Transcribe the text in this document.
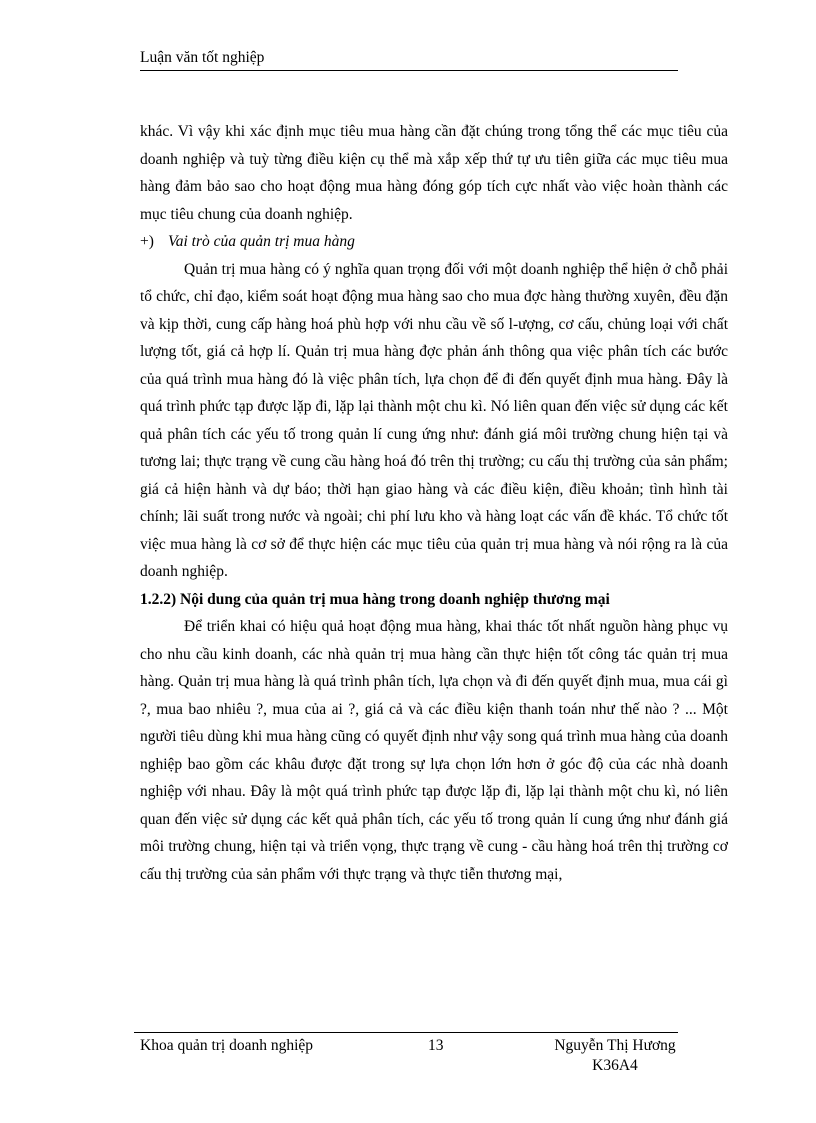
Luận văn tốt nghiệp

khác. Vì vậy khi xác định mục tiêu mua hàng cần đặt chúng trong tổng thể các mục tiêu của doanh nghiệp và tuỳ từng điều kiện cụ thể mà xắp xếp thứ tự ưu tiên giữa các mục tiêu mua hàng đảm bảo sao cho hoạt động mua hàng đóng góp tích cực nhất vào việc hoàn thành các mục tiêu chung của doanh nghiệp.

+) Vai trò của quản trị mua hàng

Quản trị mua hàng có ý nghĩa quan trọng đối với một doanh nghiệp thể hiện ở chỗ phải tổ chức, chỉ đạo, kiểm soát hoạt động mua hàng sao cho mua đợc hàng thường xuyên, đều đặn và kịp thời, cung cấp hàng hoá phù hợp với nhu cầu về số l-ượng, cơ cấu, chủng loại với chất lượng tốt, giá cả hợp lí. Quản trị mua hàng đợc phản ánh thông qua việc phân tích các bước của quá trình mua hàng đó là việc phân tích, lựa chọn để đi đến quyết định mua hàng. Đây là quá trình phức tạp được lặp đi, lặp lại thành một chu kì. Nó liên quan đến việc sử dụng các kết quả phân tích các yếu tố trong quản lí cung ứng như: đánh giá môi trường chung hiện tại và tương lai; thực trạng về cung cầu hàng hoá đó trên thị trường; cu cấu thị trường của sản phẩm; giá cả hiện hành và dự báo; thời hạn giao hàng và các điều kiện, điều khoản; tình hình tài chính; lãi suất trong nước và ngoài; chi phí lưu kho và hàng loạt các vấn đề khác. Tổ chức tốt việc mua hàng là cơ sở để thực hiện các mục tiêu của quản trị mua hàng và nói rộng ra là của doanh nghiệp.

1.2.2) Nội dung của quản trị mua hàng trong doanh nghiệp thương mại

Để triển khai có hiệu quả hoạt động mua hàng, khai thác tốt nhất nguồn hàng phục vụ cho nhu cầu kinh doanh, các nhà quản trị mua hàng cần thực hiện tốt công tác quản trị mua hàng. Quản trị mua hàng là quá trình phân tích, lựa chọn và đi đến quyết định mua, mua cái gì ?, mua bao nhiêu ?, mua của ai ?, giá cả và các điều kiện thanh toán như thế nào ? ... Một người tiêu dùng khi mua hàng cũng có quyết định như vậy song quá trình mua hàng của doanh nghiệp bao gồm các khâu được đặt trong sự lựa chọn lớn hơn ở góc độ của các nhà doanh nghiệp với nhau. Đây là một quá trình phức tạp được lặp đi, lặp lại thành một chu kì, nó liên quan đến việc sử dụng các kết quả phân tích, các yếu tố trong quản lí cung ứng như đánh giá môi trường chung, hiện tại và triển vọng, thực trạng về cung - cầu hàng hoá trên thị trường cơ cấu thị trường của sản phẩm với thực trạng và thực tiễn thương mại,

Khoa quản trị doanh nghiệp	13	Nguyễn Thị Hương
K36A4
